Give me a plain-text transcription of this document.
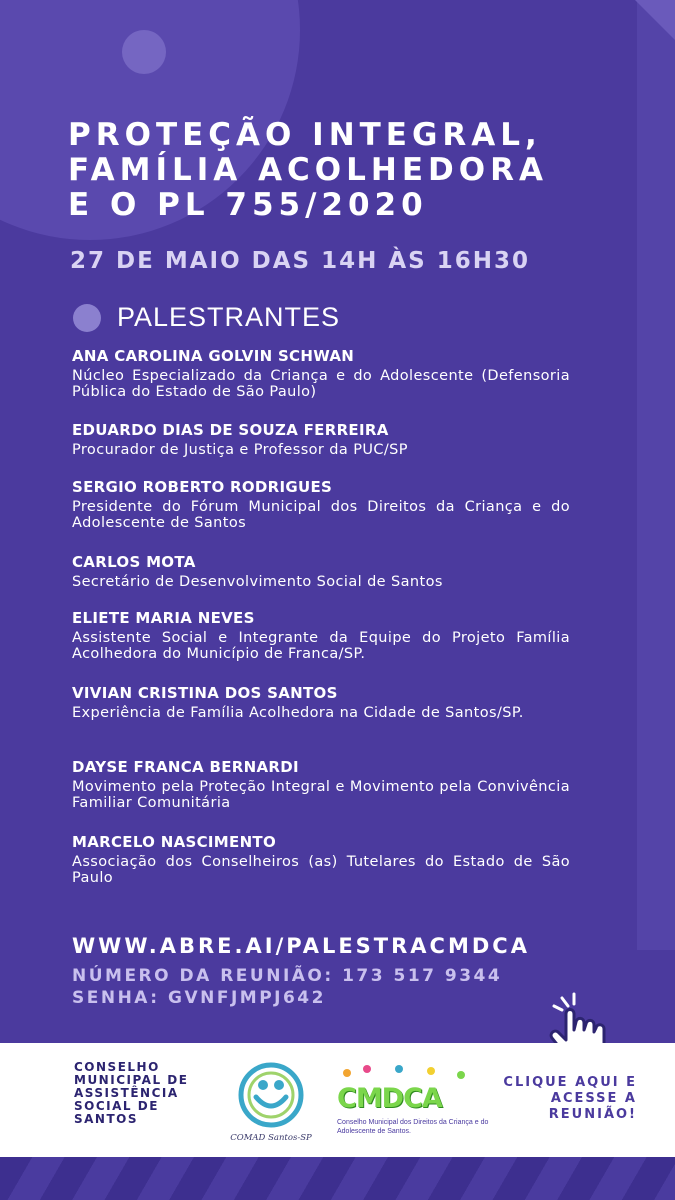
PROTEÇÃO INTEGRAL,
FAMÍLIA ACOLHEDORA
E O PL 755/2020
27 DE MAIO DAS 14H ÀS 16H30
PALESTRANTES
ANA CAROLINA GOLVIN SCHWAN
Núcleo Especializado da Criança e do Adolescente (Defensoria Pública do Estado de São Paulo)
EDUARDO DIAS DE SOUZA FERREIRA
Procurador de Justiça e Professor da PUC/SP
SERGIO ROBERTO RODRIGUES
Presidente do Fórum Municipal dos Direitos da Criança e do Adolescente de Santos
CARLOS MOTA
Secretário de Desenvolvimento Social de Santos
ELIETE MARIA NEVES
Assistente Social e Integrante da Equipe do Projeto Família Acolhedora do Município de Franca/SP.
VIVIAN CRISTINA DOS SANTOS
Experiência de Família Acolhedora na Cidade de Santos/SP.
DAYSE FRANCA BERNARDI
Movimento pela Proteção Integral e Movimento pela Convivência Familiar Comunitária
MARCELO NASCIMENTO
Associação dos Conselheiros (as) Tutelares do Estado de São Paulo
WWW.ABRE.AI/PALESTRACMDCA
NÚMERO DA REUNIÃO: 173 517 9344
SENHA: GVNFJMPJ642
CONSELHO MUNICIPAL DE ASSISTÊNCIA SOCIAL DE SANTOS
COMAD Santos-SP
CMDCA
Conselho Municipal dos Direitos da Criança e do Adolescente de Santos.
CLIQUE AQUI E ACESSE A REUNIÃO!
